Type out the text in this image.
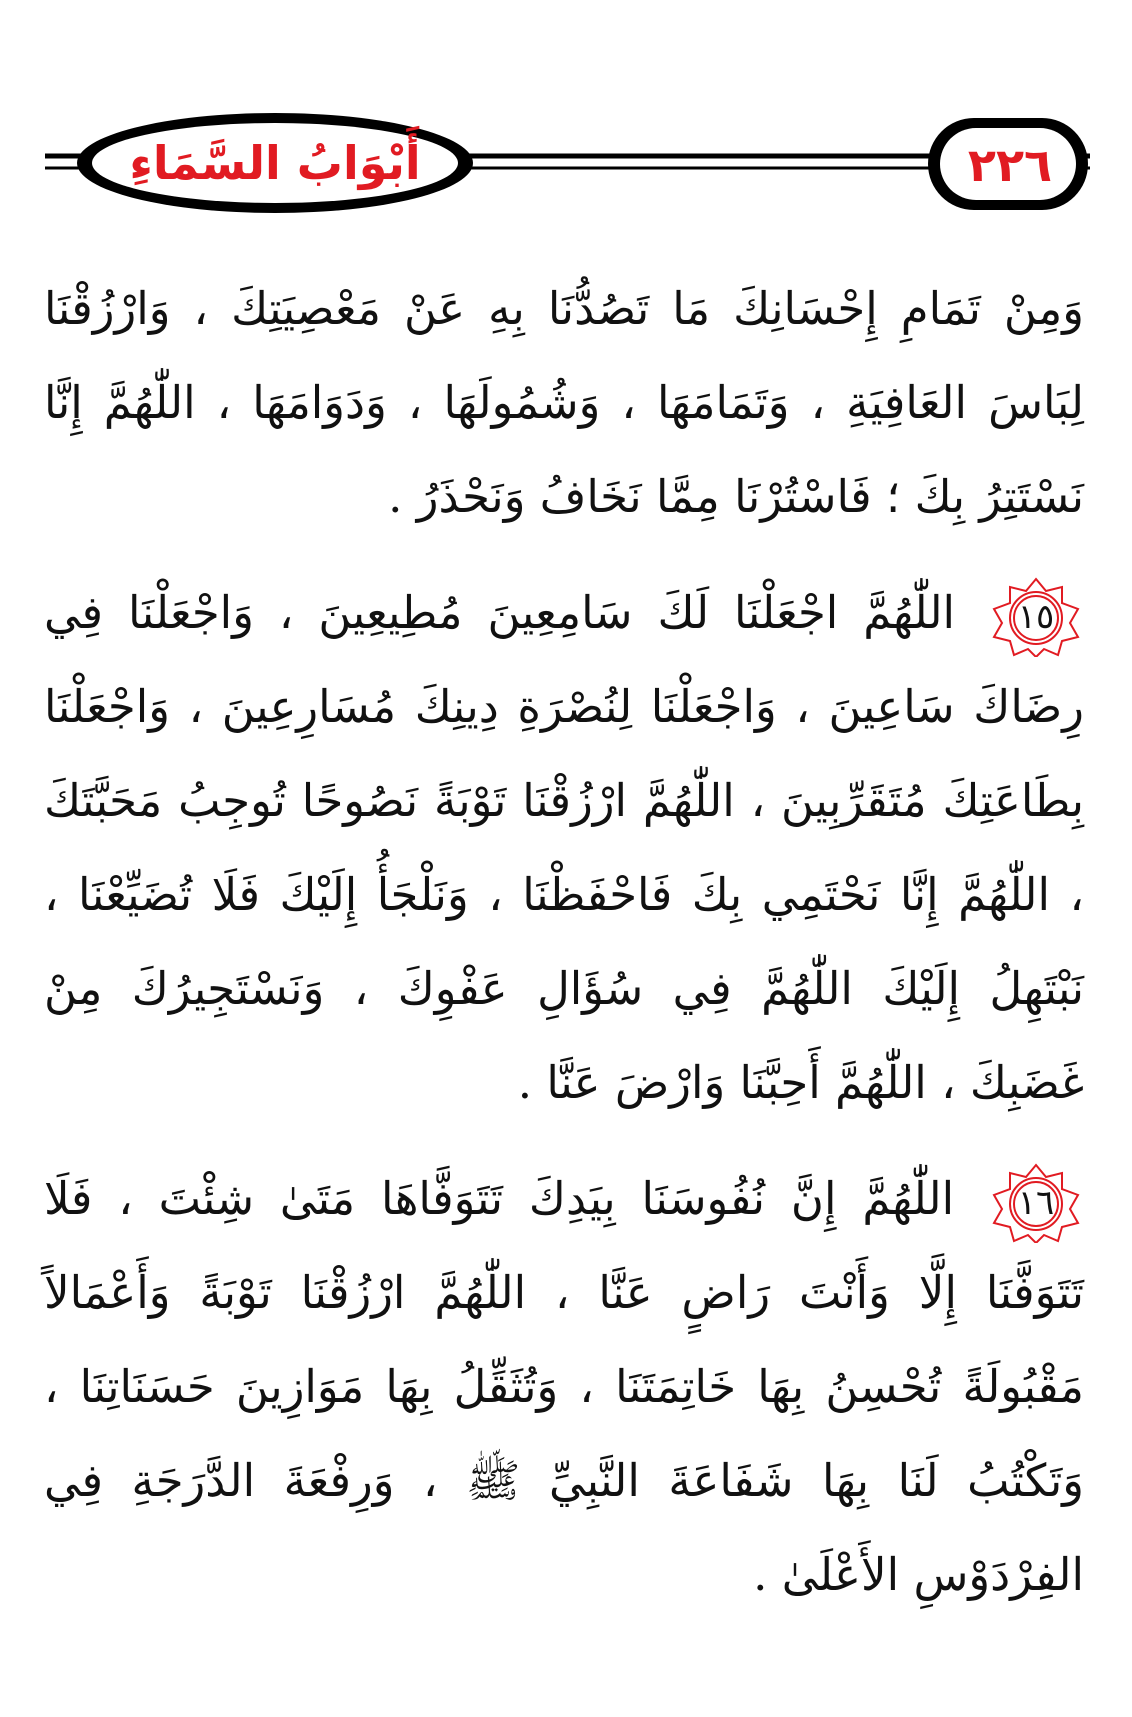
أَبْوَابُ السَّمَاءِ	٢٢٦

وَمِنْ تَمَامِ إِحْسَانِكَ مَا تَصُدُّنَا بِهِ عَنْ مَعْصِيَتِكَ ، وَارْزُقْنَا لِبَاسَ العَافِيَةِ ، وَتَمَامَهَا ، وَشُمُولَهَا ، وَدَوَامَهَا ، اللّٰهُمَّ إِنَّا نَسْتَتِرُ بِكَ ؛ فَاسْتُرْنَا مِمَّا نَخَافُ وَنَحْذَرُ .

١٥

اللّٰهُمَّ اجْعَلْنَا لَكَ سَامِعِينَ مُطِيعِينَ ، وَاجْعَلْنَا فِي رِضَاكَ سَاعِينَ ، وَاجْعَلْنَا لِنُصْرَةِ دِينِكَ مُسَارِعِينَ ، وَاجْعَلْنَا بِطَاعَتِكَ مُتَقَرِّبِينَ ، اللّٰهُمَّ ارْزُقْنَا تَوْبَةً نَصُوحًا تُوجِبُ مَحَبَّتَكَ ، اللّٰهُمَّ إِنَّا نَحْتَمِي بِكَ فَاحْفَظْنَا ، وَنَلْجَأُ إِلَيْكَ فَلَا تُضَيِّعْنَا ، نَبْتَهِلُ إِلَيْكَ اللّٰهُمَّ فِي سُؤَالِ عَفْوِكَ ، وَنَسْتَجِيرُكَ مِنْ غَضَبِكَ ، اللّٰهُمَّ أَحِبَّنَا وَارْضَ عَنَّا .

١٦

اللّٰهُمَّ إِنَّ نُفُوسَنَا بِيَدِكَ تَتَوَفَّاهَا مَتَىٰ شِئْتَ ، فَلَا تَتَوَفَّنَا إِلَّا وَأَنْتَ رَاضٍ عَنَّا ، اللّٰهُمَّ ارْزُقْنَا تَوْبَةً وَأَعْمَالاً مَقْبُولَةً تُحْسِنُ بِهَا خَاتِمَتَنَا ، وَتُثَقِّلُ بِهَا مَوَازِينَ حَسَنَاتِنَا ، وَتَكْتُبُ لَنَا بِهَا شَفَاعَةَ النَّبِيِّ ﷺ ، وَرِفْعَةَ الدَّرَجَةِ فِي الفِرْدَوْسِ الأَعْلَىٰ .
